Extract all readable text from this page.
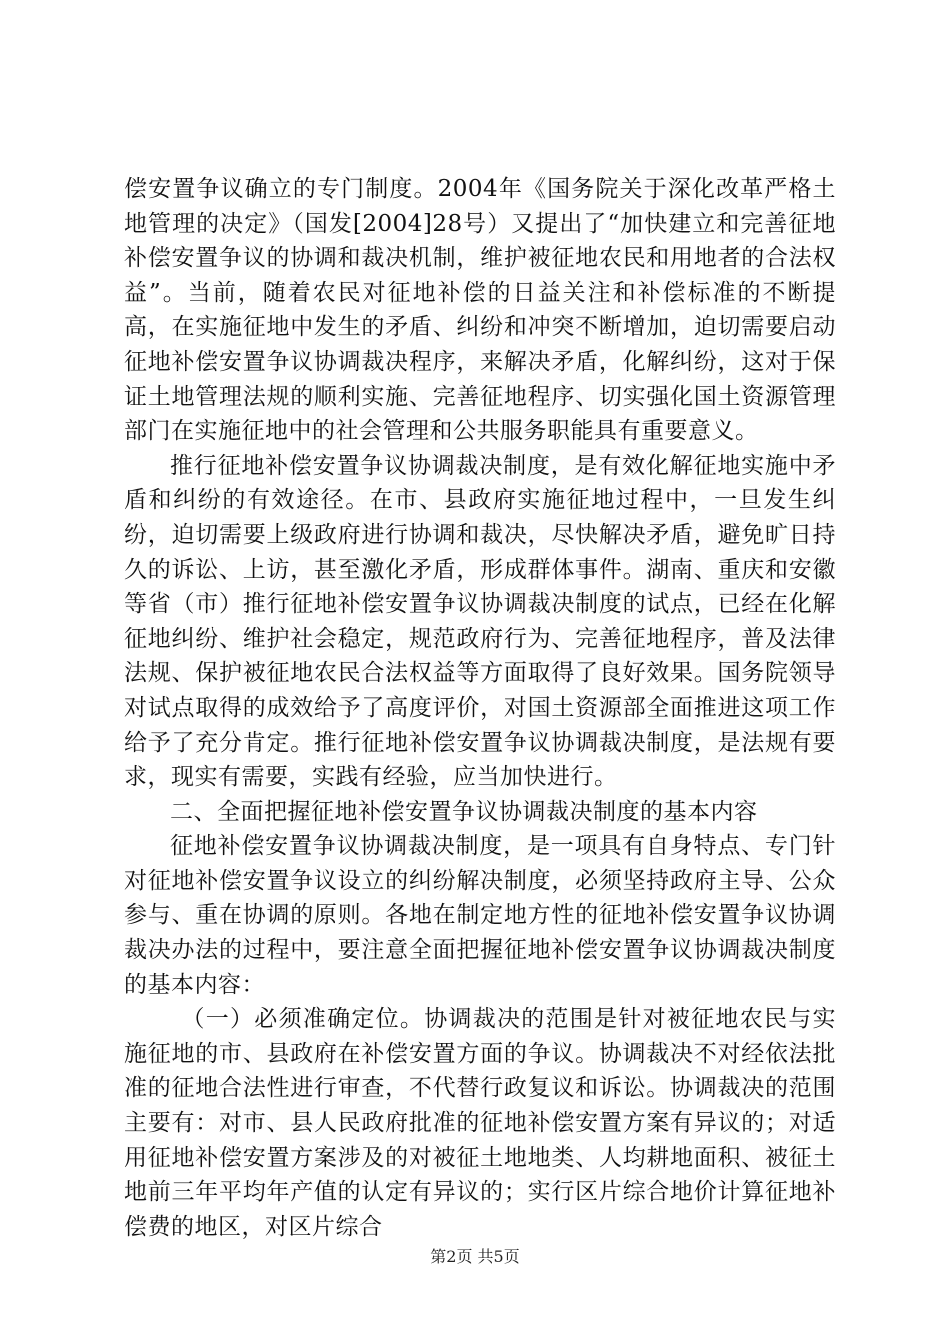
偿安置争议确立的专门制度。2004年《国务院关于深化改革严格土地管理的决定》（国发[2004]28号）又提出了“加快建立和完善征地补偿安置争议的协调和裁决机制，维护被征地农民和用地者的合法权益”。当前，随着农民对征地补偿的日益关注和补偿标准的不断提高，在实施征地中发生的矛盾、纠纷和冲突不断增加，迫切需要启动征地补偿安置争议协调裁决程序，来解决矛盾，化解纠纷，这对于保证土地管理法规的顺利实施、完善征地程序、切实强化国土资源管理部门在实施征地中的社会管理和公共服务职能具有重要意义。

推行征地补偿安置争议协调裁决制度，是有效化解征地实施中矛盾和纠纷的有效途径。在市、县政府实施征地过程中，一旦发生纠纷，迫切需要上级政府进行协调和裁决，尽快解决矛盾，避免旷日持久的诉讼、上访，甚至激化矛盾，形成群体事件。湖南、重庆和安徽等省（市）推行征地补偿安置争议协调裁决制度的试点，已经在化解征地纠纷、维护社会稳定，规范政府行为、完善征地程序，普及法律法规、保护被征地农民合法权益等方面取得了良好效果。国务院领导对试点取得的成效给予了高度评价，对国土资源部全面推进这项工作给予了充分肯定。推行征地补偿安置争议协调裁决制度，是法规有要求，现实有需要，实践有经验，应当加快进行。

二、全面把握征地补偿安置争议协调裁决制度的基本内容

征地补偿安置争议协调裁决制度，是一项具有自身特点、专门针对征地补偿安置争议设立的纠纷解决制度，必须坚持政府主导、公众参与、重在协调的原则。各地在制定地方性的征地补偿安置争议协调裁决办法的过程中，要注意全面把握征地补偿安置争议协调裁决制度的基本内容：

（一）必须准确定位。协调裁决的范围是针对被征地农民与实施征地的市、县政府在补偿安置方面的争议。协调裁决不对经依法批准的征地合法性进行审查，不代替行政复议和诉讼。协调裁决的范围主要有：对市、县人民政府批准的征地补偿安置方案有异议的；对适用征地补偿安置方案涉及的对被征土地地类、人均耕地面积、被征土地前三年平均年产值的认定有异议的；实行区片综合地价计算征地补偿费的地区，对区片综合

第2页 共5页
